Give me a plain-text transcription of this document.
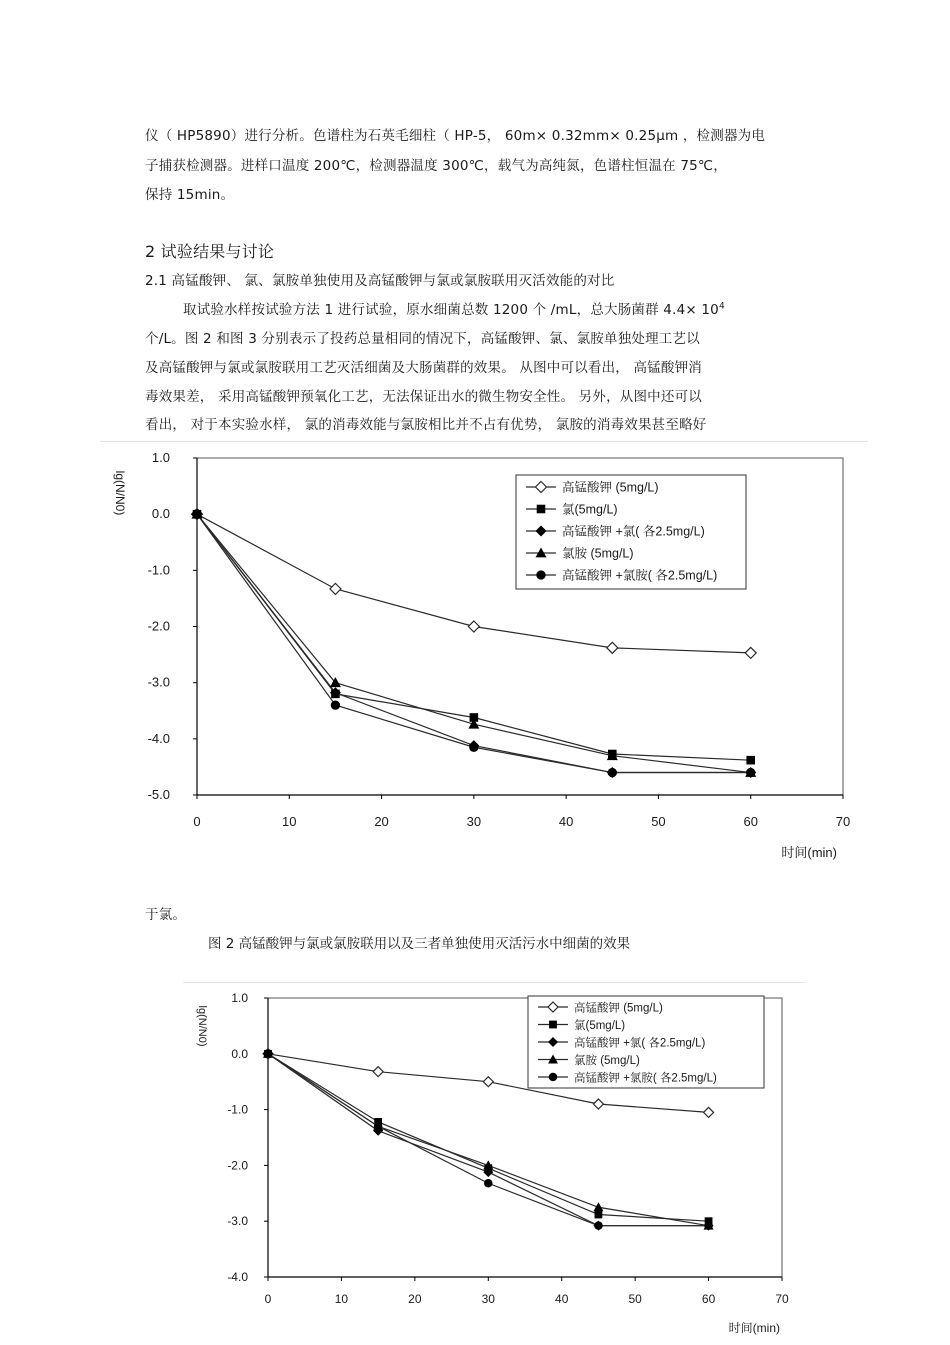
仪（ HP5890）进行分析。色谱柱为石英毛细柱（ HP-5， 60m× 0.32mm× 0.25μm ，检测器为电
子捕获检测器。进样口温度 200℃，检测器温度 300℃，载气为高纯氮，色谱柱恒温在 75℃，
保持 15min。
2 试验结果与讨论
2.1 高锰酸钾、 氯、氯胺单独使用及高锰酸钾与氯或氯胺联用灭活效能的对比
取试验水样按试验方法 1 进行试验，原水细菌总数 1200 个 /mL，总大肠菌群 $4.4\times 10^4$
个/L。图 2 和图 3 分别表示了投药总量相同的情况下，高锰酸钾、氯、氯胺单独处理工艺以
及高锰酸钾与氯或氯胺联用工艺灭活细菌及大肠菌群的效果。 从图中可以看出， 高锰酸钾消
毒效果差， 采用高锰酸钾预氧化工艺，无法保证出水的微生物安全性。 另外，从图中还可以
看出， 对于本实验水样， 氯的消毒效能与氯胺相比并不占有优势， 氯胺的消毒效果甚至略好
0	10	20	30	40	50	60	70
1.0
0.0
-1.0
-2.0
-3.0
-4.0
-5.0
时间(min)
lg(N/N0)	高锰酸钾 (5mg/L)
氯(5mg/L)
高锰酸钾 +氯( 各2.5mg/L)
氯胺 (5mg/L)
高锰酸钾 +氯胺( 各2.5mg/L)
于氯。
图 2 高锰酸钾与氯或氯胺联用以及三者单独使用灭活污水中细菌的效果
0	10	20	30	40	50	60	70
1.0
0.0
-1.0
-2.0
-3.0
-4.0
时间(min)
lg(N/N0)	高锰酸钾 (5mg/L)
氯(5mg/L)
高锰酸钾 +氯( 各2.5mg/L)
氯胺 (5mg/L)
高锰酸钾 +氯胺( 各2.5mg/L)
